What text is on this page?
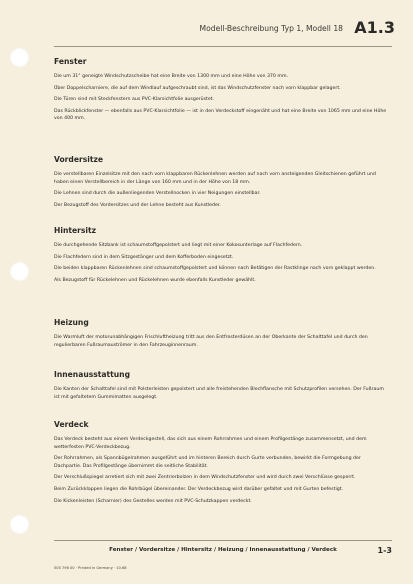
Modell-Beschreibung Typ 1, Modell 18 A1.3
Fenster

Die um 31° geneigte Windschutzscheibe hat eine Breite von 1300 mm und eine Höhe von 370 mm.

Über Doppelscharniere, die auf dem Windlauf aufgeschraubt sind, ist das Windschutzfenster nach vorn klappbar gelagert.

Die Türen sind mit Steckfenstern aus PVC-Klarsichtfolie ausgerüstet.

Das Rückblickfenster — ebenfalls aus PVC-Klarsichtfolie — ist in den Verdeckstoff eingenäht und hat eine Breite von 1065 mm und eine Höhe von 400 mm.

Vordersitze

Die verstellbaren Einzelsitze mit den nach vorn klappbaren Rückenlehnen werden auf nach vorn ansteigenden Gleitschienen geführt und haben einen Verstellbereich in der Länge von 160 mm und in der Höhe von 18 mm.

Die Lehnen sind durch die außenliegenden Verstellnocken in vier Neigungen einstellbar.

Der Bezugstoff des Vordersitzes und der Lehne besteht aus Kunstleder.

Hintersitz

Die durchgehende Sitzbank ist schaumstoffgepolstert und liegt mit einer Kokosunterlage auf Flachfedern.

Die Flachfedern sind in dem Sitzgestänger und dem Kofferboden eingesetzt.

Die beiden klappbaren Rückenlehnen sind schaumstoffgepolstert und können nach Betätigen der Rastklinge nach vorn geklappt werden.

Als Bezugstoff für Rückelehnen und Rückelehnen wurde ebenfalls Kunstleder gewählt.

Heizung

Die Warmluft der motorunabhängigen Frischluftheizung tritt aus den Entfrosterdüsen an der Oberkante der Schalttafel und durch den regulierbaren Fußraumauströmer in den Fahrzeuginnenraum.

Innenausstattung

Die Kanten der Schalttafel sind mit Polsterleisten gepolstert und alle freistehenden Blechflansche mit Schutzprofilen versehen. Der Fußraum ist mit gefaltetem Gummimatten ausgelegt.

Verdeck

Das Verdeck besteht aus einem Verdeckgestell, das sich aus einem Rohrrahmen und einem Profilgestänge zusammensetzt, und dem wetterfesten PVC-Verdeckbezug.

Der Rohrrahmen, als Spannbügelrahmen ausgeführt und im hinteren Bereich durch Gurte verbunden, bewirkt die Formgebung der Dachpartie. Das Profilgestänge übernimmt die seitliche Stabilität.

Der Verschlußspiegel arretiert sich mit zwei Zentrierbolzen in dem Windschutzfenster und wird durch zwei Verschlüsse gesperrt.

Beim Zurückklappen liegen die Rohrbügel übereinander. Der Verdeckbezug wird darüber gefaltet und mit Gurten befestigt.

Die Kickenleisten (Scharnier) des Gestelles werden mit PVC-Schutzkappen verdeckt.

Fenster / Vordersitze / Hintersitz / Heizung / Innenausstattung / Verdeck	1-3
500 796 00 · Printed in Germany · 10.68
